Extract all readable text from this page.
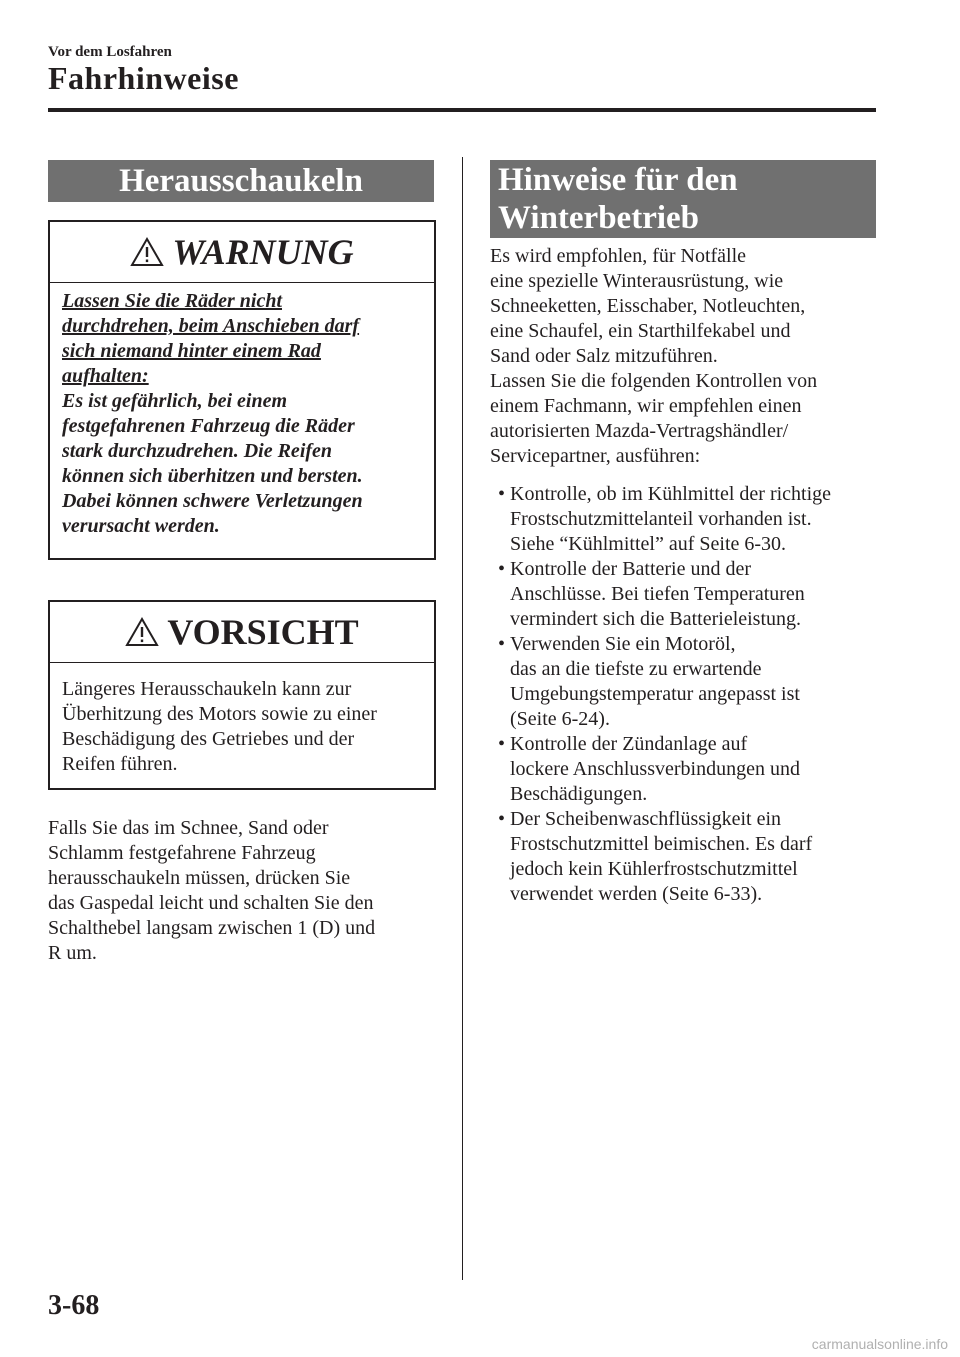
Vor dem Losfahren
Fahrhinweise
Herausschaukeln
WARNUNG
Lassen Sie die Räder nicht
durchdrehen, beim Anschieben darf
sich niemand hinter einem Rad
aufhalten:
Es ist gefährlich, bei einem
festgefahrenen Fahrzeug die Räder
stark durchzudrehen. Die Reifen
können sich überhitzen und bersten.
Dabei können schwere Verletzungen
verursacht werden.
VORSICHT
Längeres Herausschaukeln kann zur
Überhitzung des Motors sowie zu einer
Beschädigung des Getriebes und der
Reifen führen.
Falls Sie das im Schnee, Sand oder
Schlamm festgefahrene Fahrzeug
herausschaukeln müssen, drücken Sie
das Gaspedal leicht und schalten Sie den
Schalthebel langsam zwischen 1 (D) und
R um.
Hinweise für den
Winterbetrieb
Es wird empfohlen, für Notfälle
eine spezielle Winterausrüstung, wie
Schneeketten, Eisschaber, Notleuchten,
eine Schaufel, ein Starthilfekabel und
Sand oder Salz mitzuführen.
Lassen Sie die folgenden Kontrollen von
einem Fachmann, wir empfehlen einen
autorisierten Mazda-Vertragshändler/
Servicepartner, ausführen:
• Kontrolle, ob im Kühlmittel der richtige
Frostschutzmittelanteil vorhanden ist.
Siehe “Kühlmittel” auf Seite 6-30.
• Kontrolle der Batterie und der
Anschlüsse. Bei tiefen Temperaturen
vermindert sich die Batterieleistung.
• Verwenden Sie ein Motoröl,
das an die tiefste zu erwartende
Umgebungstemperatur angepasst ist
(Seite 6-24).
• Kontrolle der Zündanlage auf
lockere Anschlussverbindungen und
Beschädigungen.
• Der Scheibenwaschflüssigkeit ein
Frostschutzmittel beimischen. Es darf
jedoch kein Kühlerfrostschutzmittel
verwendet werden (Seite 6-33).
3-68
carmanualsonline.info
